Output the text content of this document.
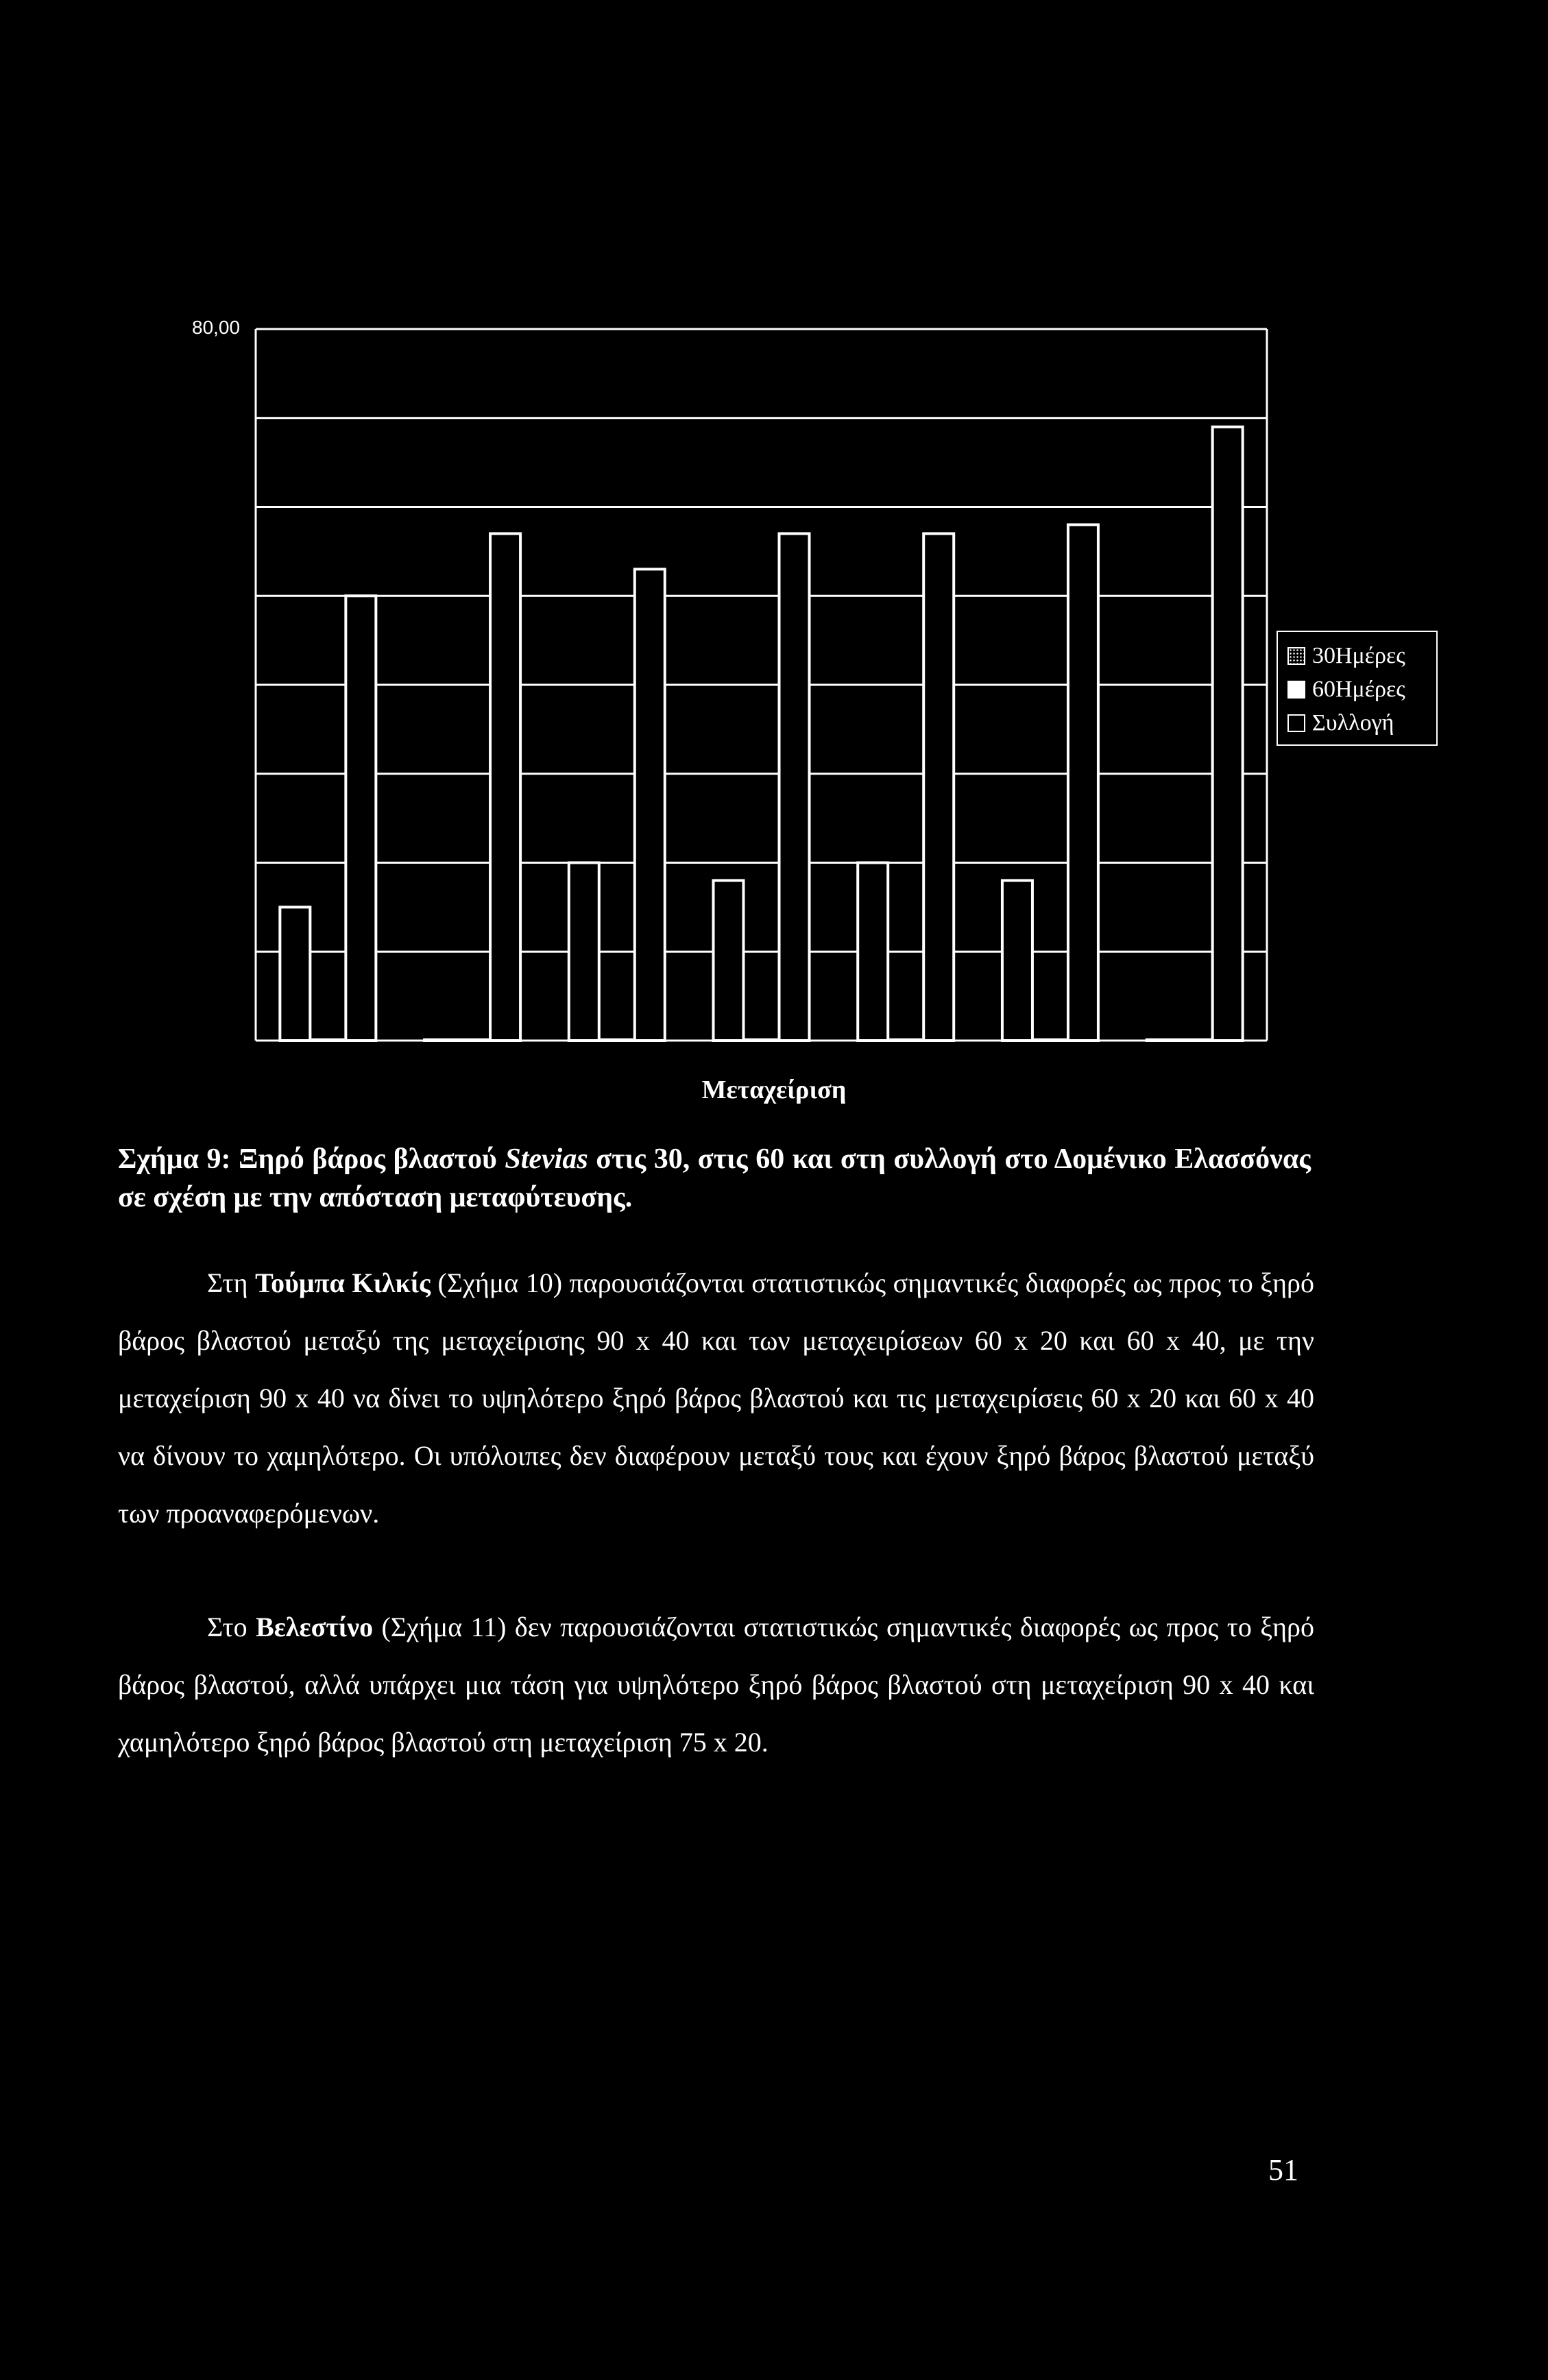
80,00
30Ημέρες
60Ημέρες
Συλλογή
Μεταχείριση
Σχήμα 9: Ξηρό βάρος βλαστού Stevias στις 30, στις 60 και στη συλλογή στο Δομένικο Ελασσόνας σε σχέση με την απόσταση μεταφύτευσης.
Στη Τούμπα Κιλκίς (Σχήμα 10) παρουσιάζονται στατιστικώς σημαντικές διαφορές ως προς το ξηρό βάρος βλαστού μεταξύ της μεταχείρισης 90 x 40 και των μεταχειρίσεων 60 x 20 και 60 x 40, με την μεταχείριση 90 x 40 να δίνει το υψηλότερο ξηρό βάρος βλαστού και τις μεταχειρίσεις 60 x 20 και 60 x 40 να δίνουν το χαμηλότερο. Οι υπόλοιπες δεν διαφέρουν μεταξύ τους και έχουν ξηρό βάρος βλαστού μεταξύ των προαναφερόμενων.
Στο Βελεστίνο (Σχήμα 11) δεν παρουσιάζονται στατιστικώς σημαντικές διαφορές ως προς το ξηρό βάρος βλαστού, αλλά υπάρχει μια τάση για υψηλότερο ξηρό βάρος βλαστού στη μεταχείριση 90 x 40 και χαμηλότερο ξηρό βάρος βλαστού στη μεταχείριση 75 x 20.
51
